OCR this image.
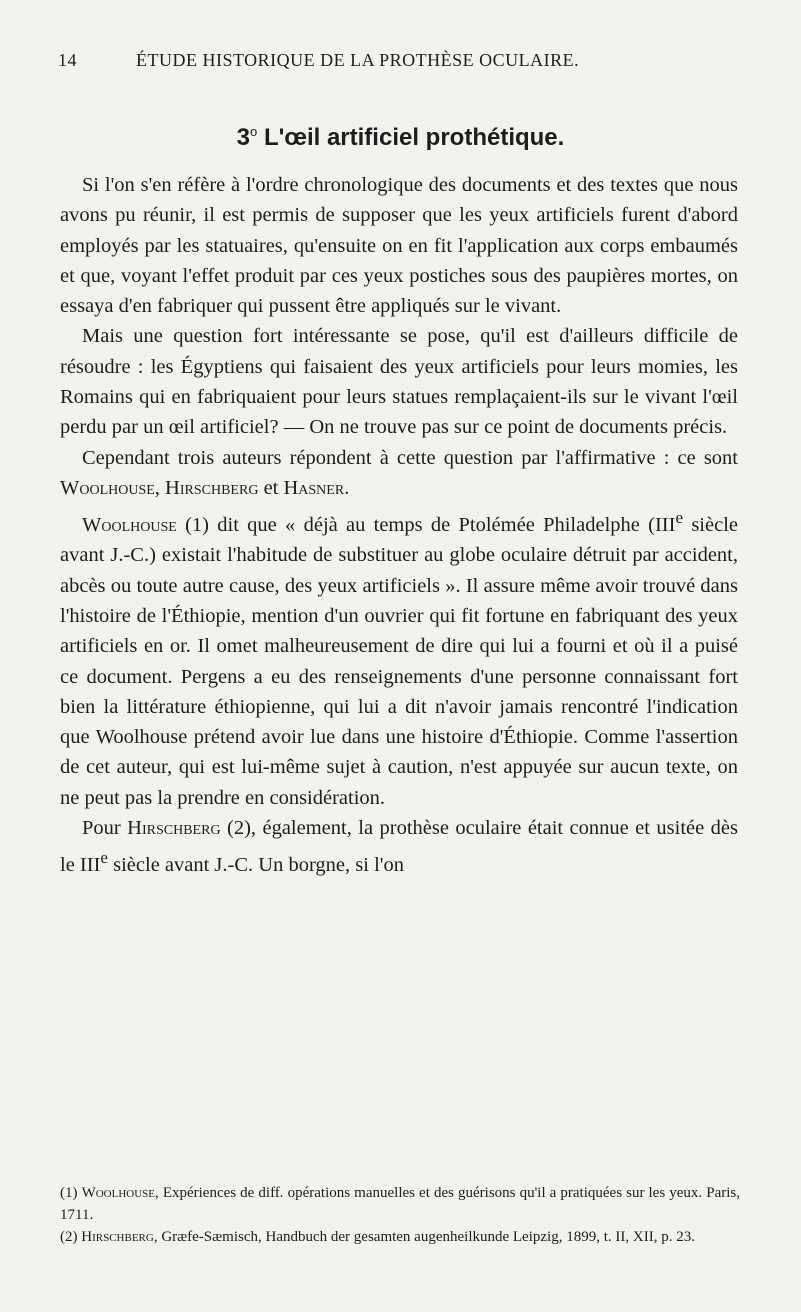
14	ÉTUDE HISTORIQUE DE LA PROTHÈSE OCULAIRE.
3$^o$ L'œil artificiel prothétique.

Si l'on s'en réfère à l'ordre chronologique des documents et des textes que nous avons pu réunir, il est permis de supposer que les yeux artificiels furent d'abord employés par les statuaires, qu'ensuite on en fit l'application aux corps embaumés et que, voyant l'effet produit par ces yeux postiches sous des paupières mortes, on essaya d'en fabriquer qui pussent être appliqués sur le vivant.

Mais une question fort intéressante se pose, qu'il est d'ailleurs difficile de résoudre : les Égyptiens qui faisaient des yeux artificiels pour leurs momies, les Romains qui en fabriquaient pour leurs statues remplaçaient-ils sur le vivant l'œil perdu par un œil artificiel? — On ne trouve pas sur ce point de documents précis.

Cependant trois auteurs répondent à cette question par l'affirmative : ce sont Woolhouse, Hirschberg et Hasner.

Woolhouse (1) dit que « déjà au temps de Ptolémée Philadelphe (IIIe siècle avant J.-C.) existait l'habitude de substituer au globe oculaire détruit par accident, abcès ou toute autre cause, des yeux artificiels ». Il assure même avoir trouvé dans l'histoire de l'Éthiopie, mention d'un ouvrier qui fit fortune en fabriquant des yeux artificiels en or. Il omet malheureusement de dire qui lui a fourni et où il a puisé ce document. Pergens a eu des renseignements d'une personne connaissant fort bien la littérature éthiopienne, qui lui a dit n'avoir jamais rencontré l'indication que Woolhouse prétend avoir lue dans une histoire d'Éthiopie. Comme l'assertion de cet auteur, qui est lui-même sujet à caution, n'est appuyée sur aucun texte, on ne peut pas la prendre en considération.

Pour Hirschberg (2), également, la prothèse oculaire était connue et usitée dès le IIIe siècle avant J.-C. Un borgne, si l'on

(1) Woolhouse, Expériences de diff. opérations manuelles et des guérisons qu'il a pratiquées sur les yeux. Paris, 1711.

(2) Hirschberg, Græfe-Sæmisch, Handbuch der gesamten augenheilkunde Leipzig, 1899, t. II, XII, p. 23.
